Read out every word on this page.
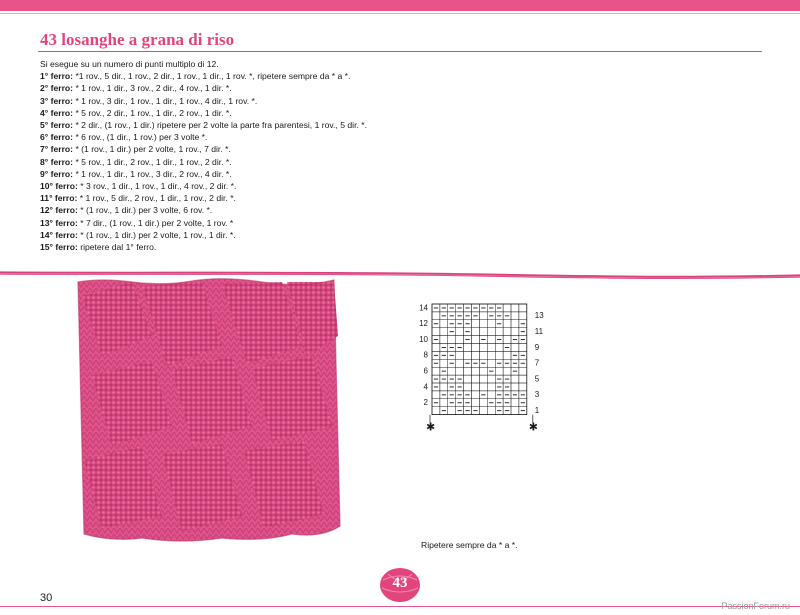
43 losanghe a grana di riso
Si esegue su un numero di punti multiplo di 12.
1° ferro: *1 rov., 5 dir., 1 rov., 2 dir., 1 rov., 1 dir., 1 rov. *, ripetere sempre da * a *.
2° ferro: * 1 rov., 1 dir., 3 rov., 2 dir., 4 rov., 1 dir. *.
3° ferro: * 1 rov., 3 dir., 1 rov., 1 dir., 1 rov., 4 dir., 1 rov. *.
4° ferro: * 5 rov., 2 dir., 1 rov., 1 dir., 2 rov., 1 dir. *.
5° ferro: * 2 dir., (1 rov., 1 dir.) ripetere per 2 volte la parte fra parentesi, 1 rov., 5 dir. *.
6° ferro: * 6 rov., (1 dir., 1 rov.) per 3 volte *.
7° ferro: * (1 rov., 1 dir.) per 2 volte, 1 rov., 7 dir. *.
8° ferro: * 5 rov., 1 dir., 2 rov., 1 dir., 1 rov., 2 dir. *.
9° ferro: * 1 rov., 1 dir., 1 rov., 3 dir., 2 rov., 4 dir. *.
10° ferro: * 3 rov., 1 dir., 1 rov., 1 dir., 4 rov., 2 dir. *.
11° ferro: * 1 rov., 5 dir., 2 rov., 1 dir., 1 rov., 2 dir. *.
12° ferro: * (1 rov., 1 dir.) per 3 volte, 6 rov. *.
13° ferro: * 7 dir., (1 rov., 1 dir.) per 2 volte, 1 rov. *
14° ferro: * (1 rov., 1 dir.) per 2 volte, 1 rov., 1 dir. *.
15° ferro: ripetere dal 1° ferro.
14
12
10
8
6
4
2
13
11
9
7
5
3
1
✱	✱
Ripetere sempre da * a *.
30
43
PassionForum.ru
